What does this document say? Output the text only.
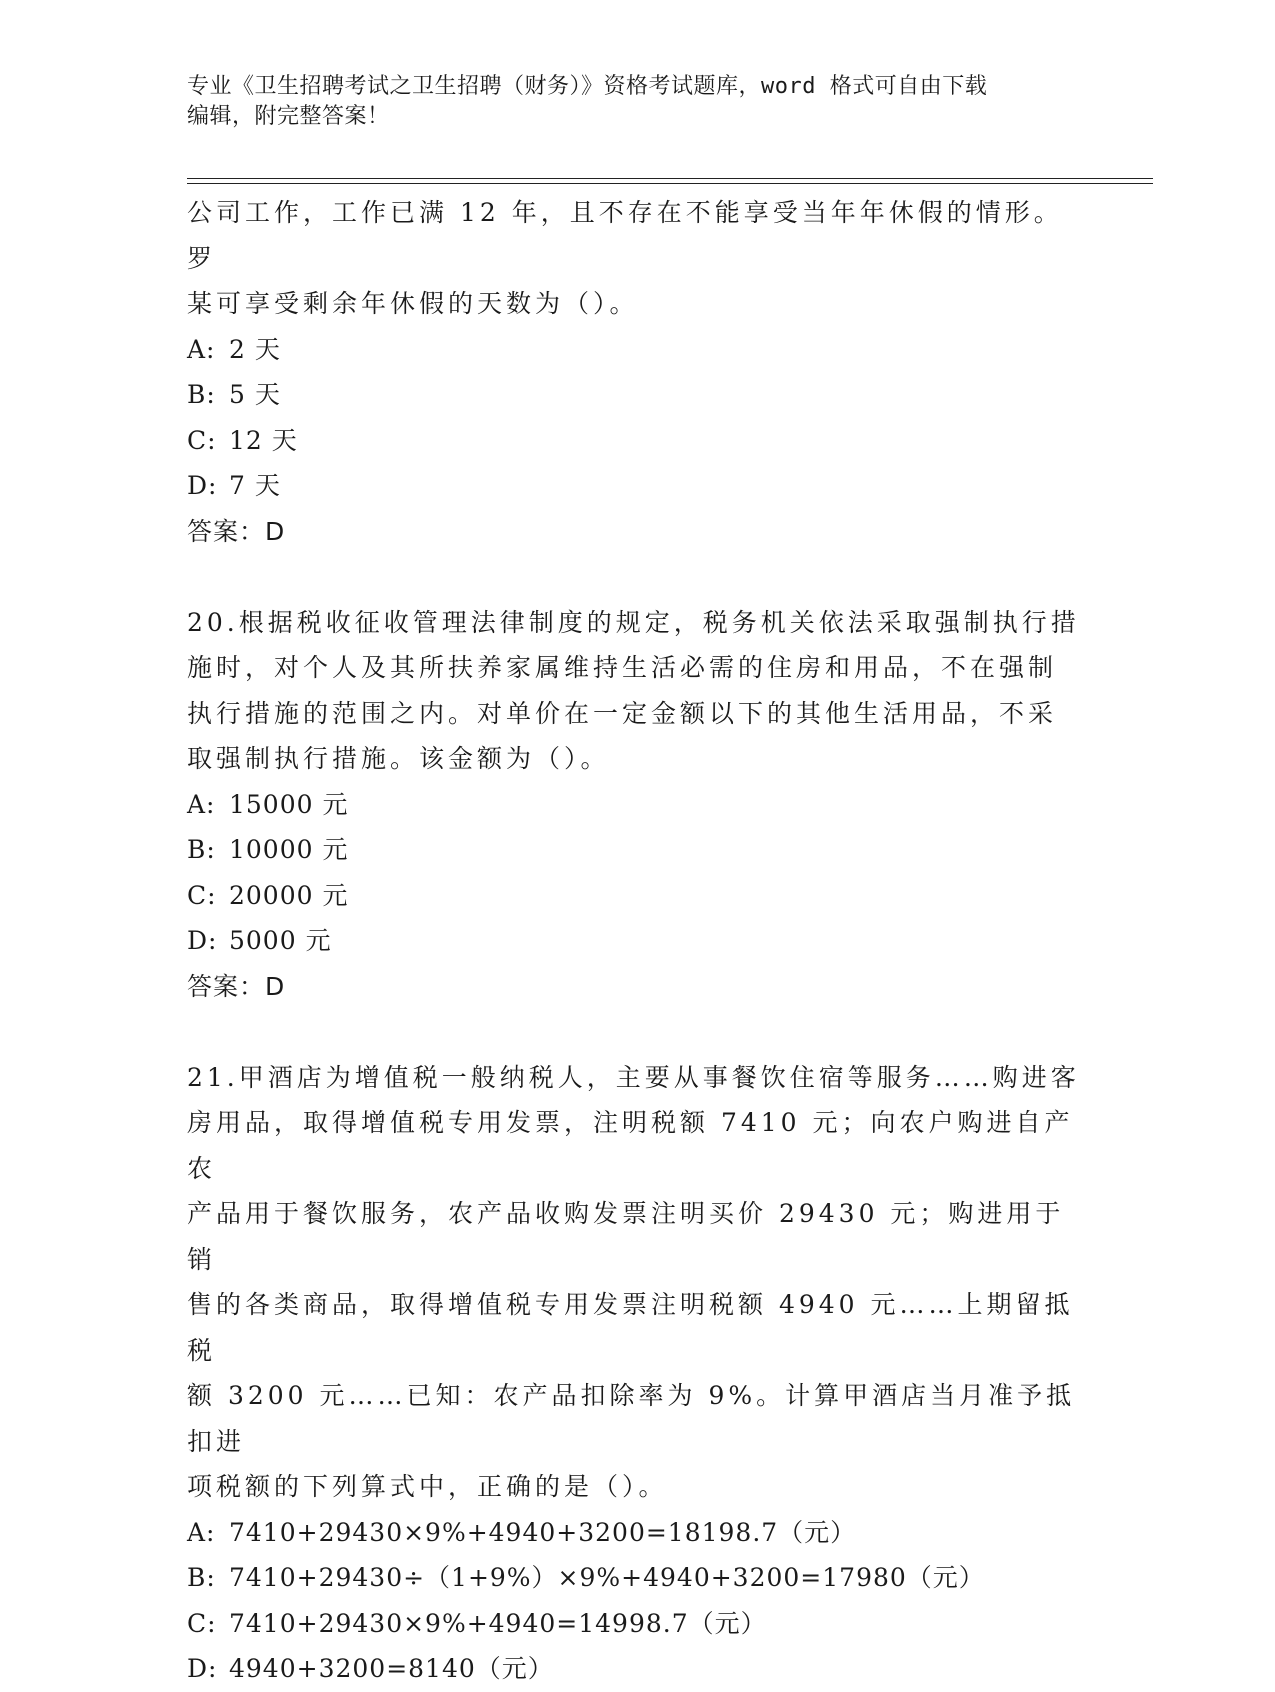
专业《卫生招聘考试之卫生招聘（财务）》资格考试题库，word 格式可自由下载
编辑，附完整答案！

公司工作，工作已满 12 年，且不存在不能享受当年年休假的情形。罗

某可享受剩余年休假的天数为（）。

A: 2 天

B: 5 天

C: 12 天

D: 7 天

答案：D

20.根据税收征收管理法律制度的规定，税务机关依法采取强制执行措

施时，对个人及其所扶养家属维持生活必需的住房和用品，不在强制

执行措施的范围之内。对单价在一定金额以下的其他生活用品，不采

取强制执行措施。该金额为（）。

A: 15000 元

B: 10000 元

C: 20000 元

D: 5000 元

答案：D

21.甲酒店为增值税一般纳税人，主要从事餐饮住宿等服务……购进客

房用品，取得增值税专用发票，注明税额 7410 元；向农户购进自产农

产品用于餐饮服务，农产品收购发票注明买价 29430 元；购进用于销

售的各类商品，取得增值税专用发票注明税额 4940 元……上期留抵税

额 3200 元……已知：农产品扣除率为 9%。计算甲酒店当月准予抵扣进

项税额的下列算式中，正确的是（）。

A: 7410+29430×9%+4940+3200=18198.7（元）

B: 7410+29430÷（1+9%）×9%+4940+3200=17980（元）

C: 7410+29430×9%+4940=14998.7（元）

D: 4940+3200=8140（元）
